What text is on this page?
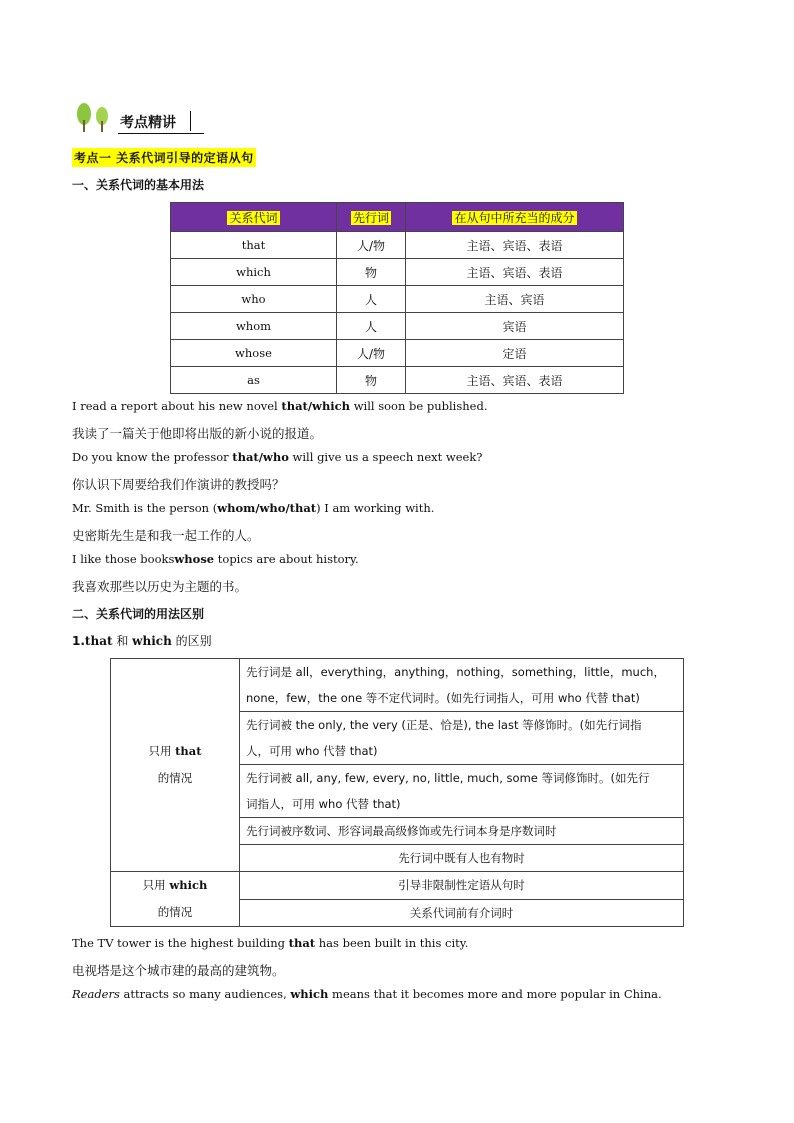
考点精讲
考点一 关系代词引导的定语从句
一、关系代词的基本用法
关系代词	先行词	在从句中所充当的成分
that	人/物	主语、宾语、表语
which	物	主语、宾语、表语
who	人	主语、宾语
whom	人	宾语
whose	人/物	定语
as	物	主语、宾语、表语
I read a report about his new novel that/which will soon be published.
我读了一篇关于他即将出版的新小说的报道。
Do you know the professor that/who will give us a speech next week?
你认识下周要给我们作演讲的教授吗？
Mr. Smith is the person (whom/who/that) I am working with.
史密斯先生是和我一起工作的人。
I like those bookswhose topics are about history.
我喜欢那些以历史为主题的书。
二、关系代词的用法区别
1.that 和 which 的区别
只用 that
的情况	先行词是 all，everything，anything，nothing，something，little，much，
none，few，the one 等不定代词时。(如先行词指人，可用 who 代替 that)
	先行词被 the only, the very (正是、恰是), the last 等修饰时。(如先行词指
人，可用 who 代替 that)
	先行词被 all, any, few, every, no, little, much, some 等词修饰时。(如先行
词指人，可用 who 代替 that)
	先行词被序数词、形容词最高级修饰或先行词本身是序数词时
	先行词中既有人也有物时
只用 which
的情况	引导非限制性定语从句时
	关系代词前有介词时
The TV tower is the highest building that has been built in this city.
电视塔是这个城市建的最高的建筑物。
Readers attracts so many audiences, which means that it becomes more and more popular in China.
